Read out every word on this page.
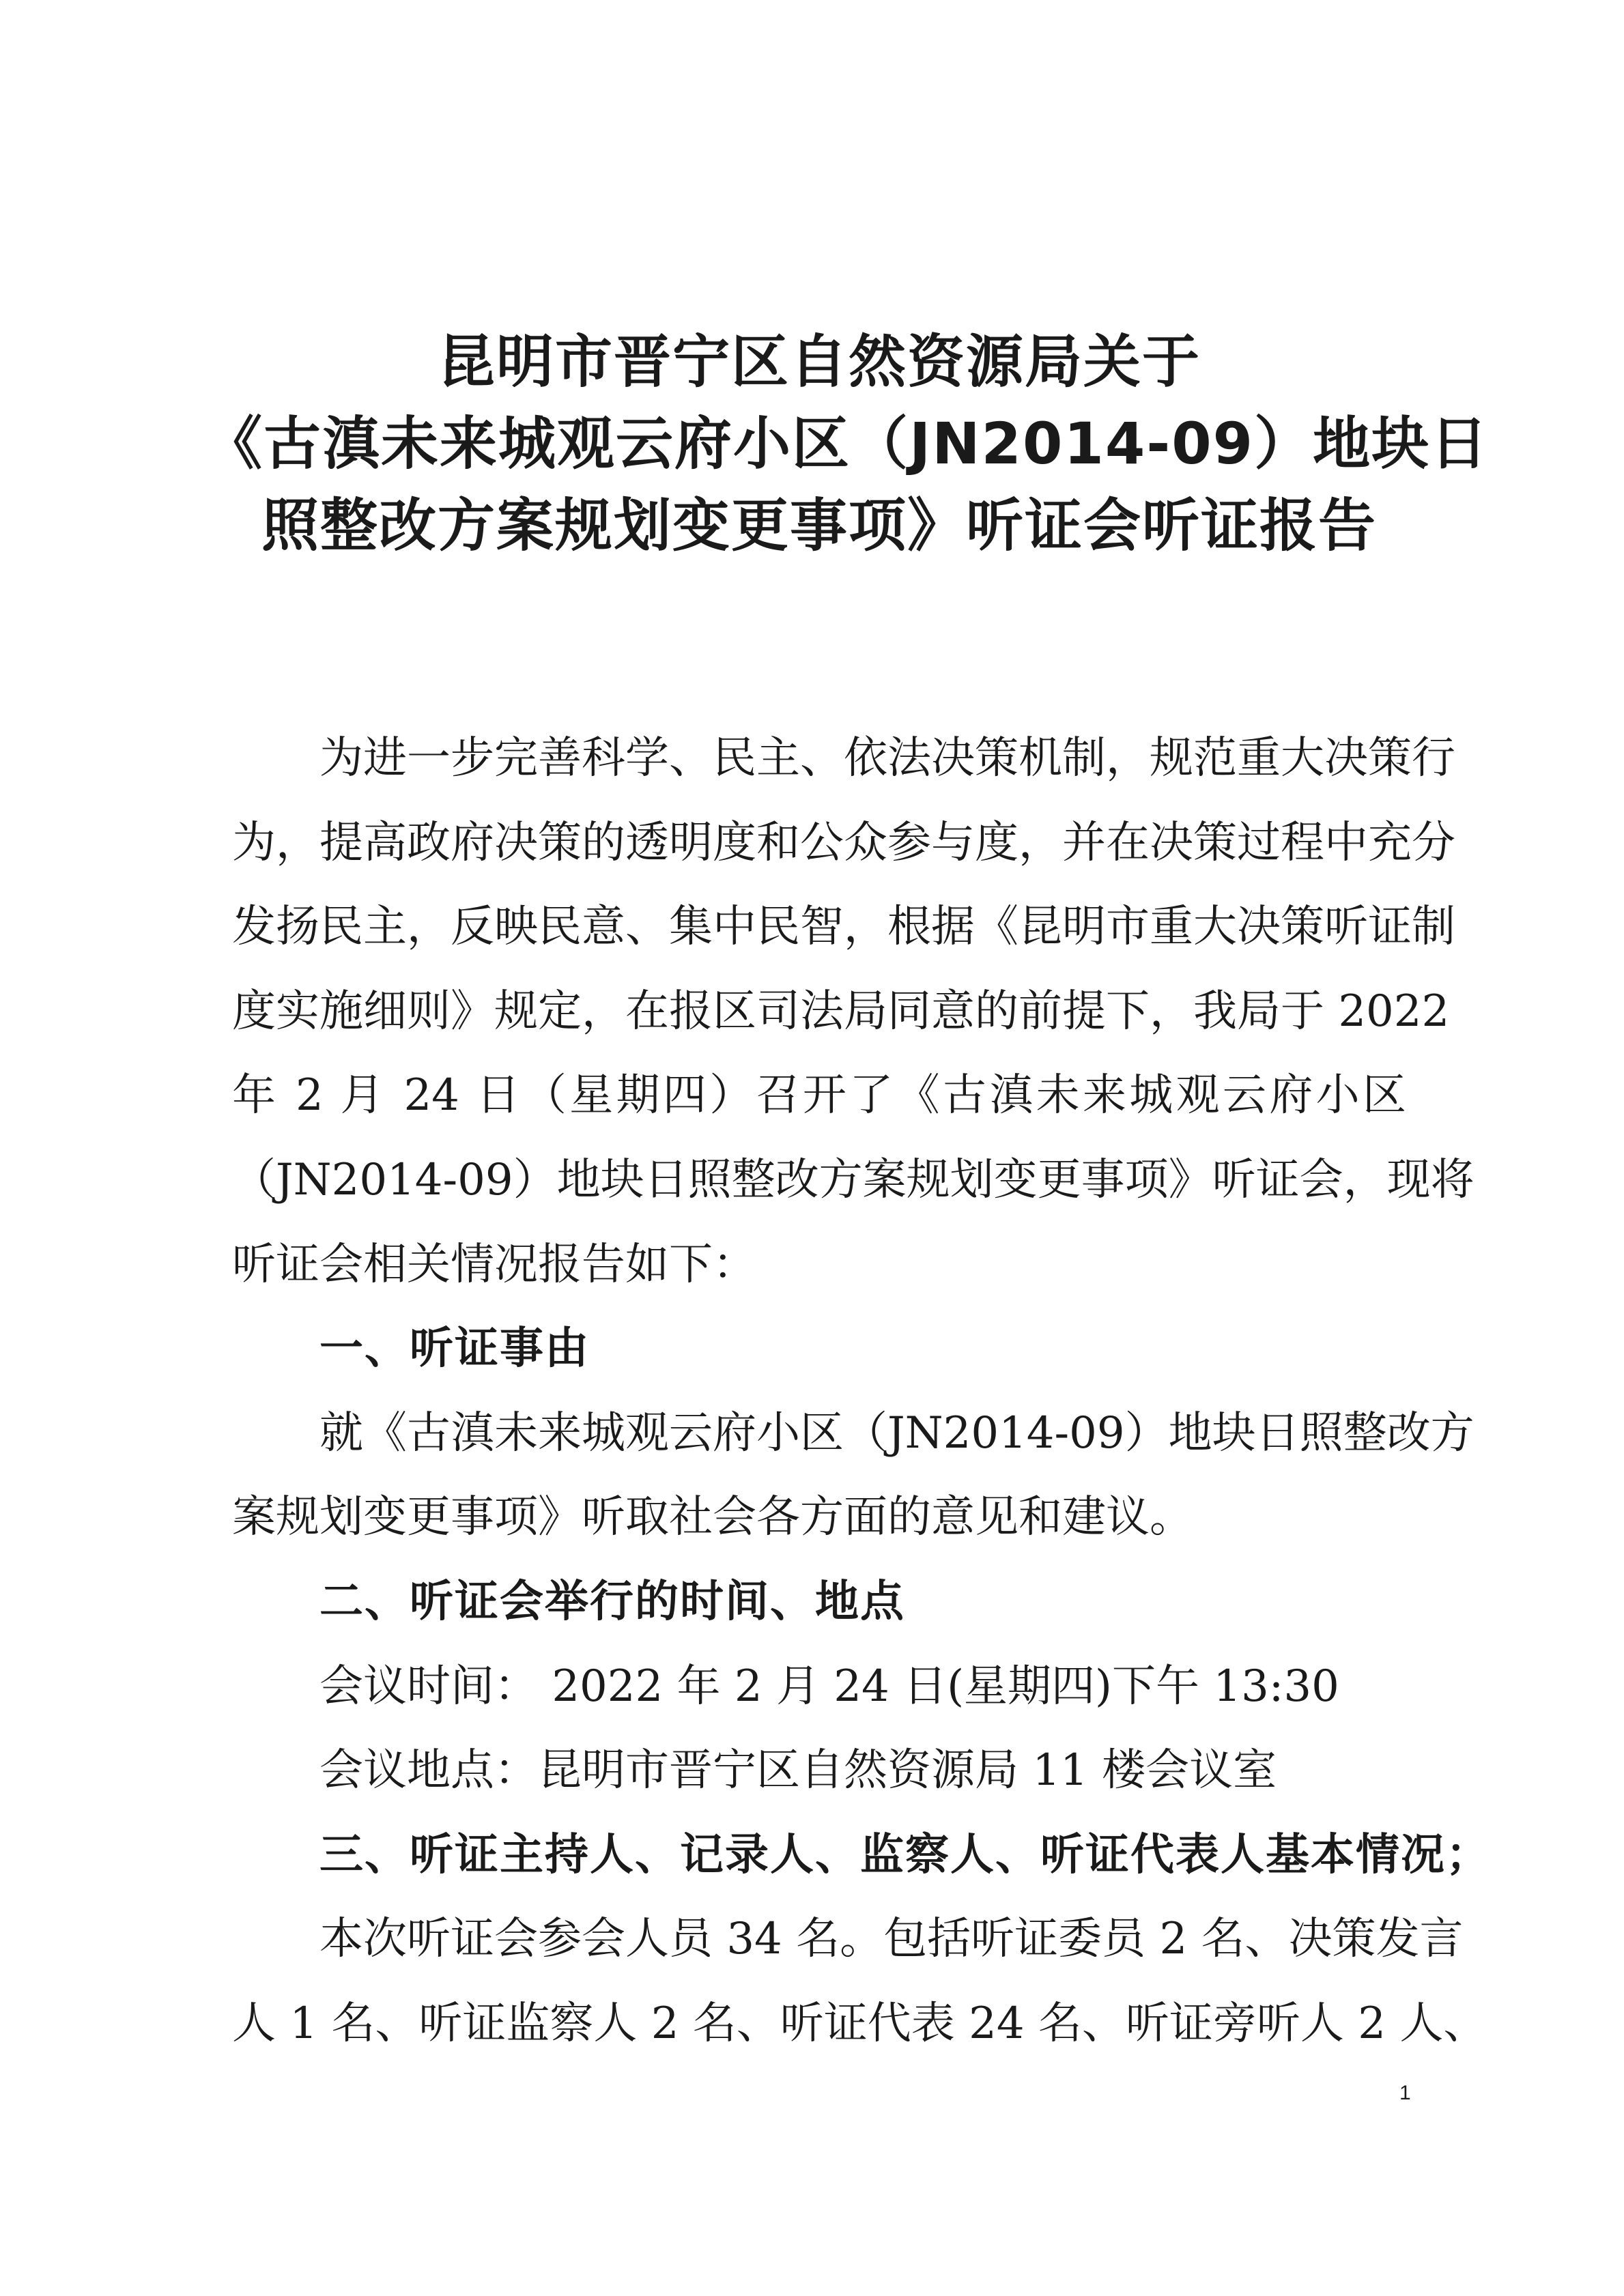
昆明市晋宁区自然资源局关于
《古滇未来城观云府小区（JN2014-09）地块日
照整改方案规划变更事项》听证会听证报告
为进一步完善科学、民主、依法决策机制，规范重大决策行
为，提高政府决策的透明度和公众参与度，并在决策过程中充分
发扬民主，反映民意、集中民智，根据《昆明市重大决策听证制
度实施细则》规定，在报区司法局同意的前提下，我局于 2022
年 2 月 24 日（星期四）召开了《古滇未来城观云府小区
（JN2014-09）地块日照整改方案规划变更事项》听证会，现将
听证会相关情况报告如下：
一、听证事由
就《古滇未来城观云府小区（JN2014-09）地块日照整改方
案规划变更事项》听取社会各方面的意见和建议。
二、听证会举行的时间、地点
会议时间： 2022 年 2 月 24 日(星期四)下午 13:30
会议地点：昆明市晋宁区自然资源局 11 楼会议室
三、听证主持人、记录人、监察人、听证代表人基本情况；
本次听证会参会人员 34 名。包括听证委员 2 名、决策发言
人 1 名、听证监察人 2 名、听证代表 24 名、听证旁听人 2 人、
1
